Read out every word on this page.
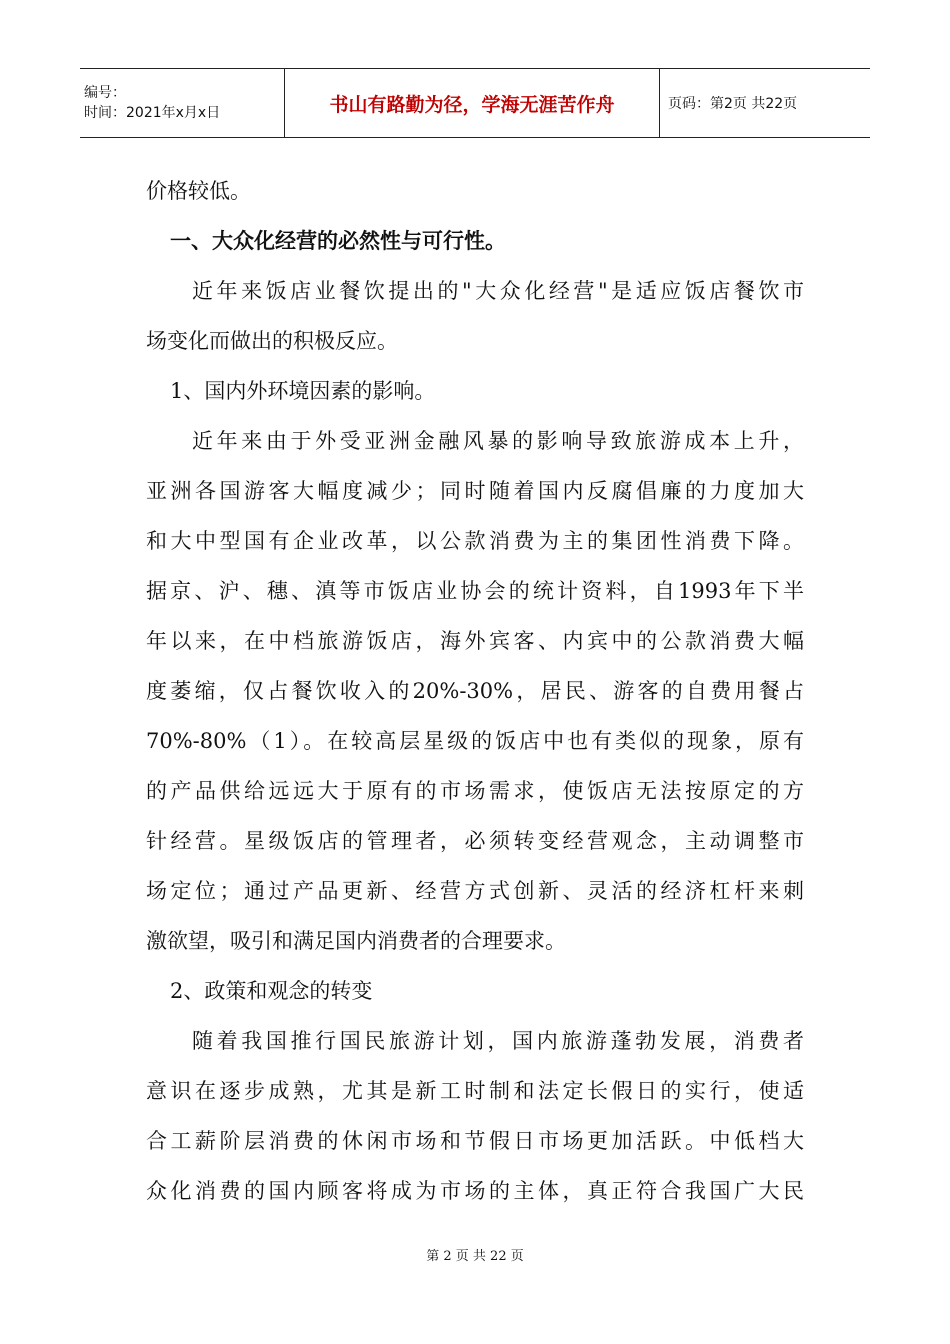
编号：
时间：2021年x月x日	书山有路勤为径，学海无涯苦作舟	页码：第2页 共22页
价格较低。
一、大众化经营的必然性与可行性。
近年来饭店业餐饮提出的"大众化经营"是适应饭店餐饮市
场变化而做出的积极反应。
1、国内外环境因素的影响。
近年来由于外受亚洲金融风暴的影响导致旅游成本上升，
亚洲各国游客大幅度减少；同时随着国内反腐倡廉的力度加大
和大中型国有企业改革，以公款消费为主的集团性消费下降。
据京、沪、穗、滇等市饭店业协会的统计资料，自1993年下半
年以来，在中档旅游饭店，海外宾客、内宾中的公款消费大幅
度萎缩，仅占餐饮收入的20%-30%，居民、游客的自费用餐占
70%-80%（1）。在较高层星级的饭店中也有类似的现象，原有
的产品供给远远大于原有的市场需求，使饭店无法按原定的方
针经营。星级饭店的管理者，必须转变经营观念，主动调整市
场定位；通过产品更新、经营方式创新、灵活的经济杠杆来刺
激欲望，吸引和满足国内消费者的合理要求。
2、政策和观念的转变
随着我国推行国民旅游计划，国内旅游蓬勃发展，消费者
意识在逐步成熟，尤其是新工时制和法定长假日的实行，使适
合工薪阶层消费的休闲市场和节假日市场更加活跃。中低档大
众化消费的国内顾客将成为市场的主体，真正符合我国广大民
第 2 页 共 22 页
